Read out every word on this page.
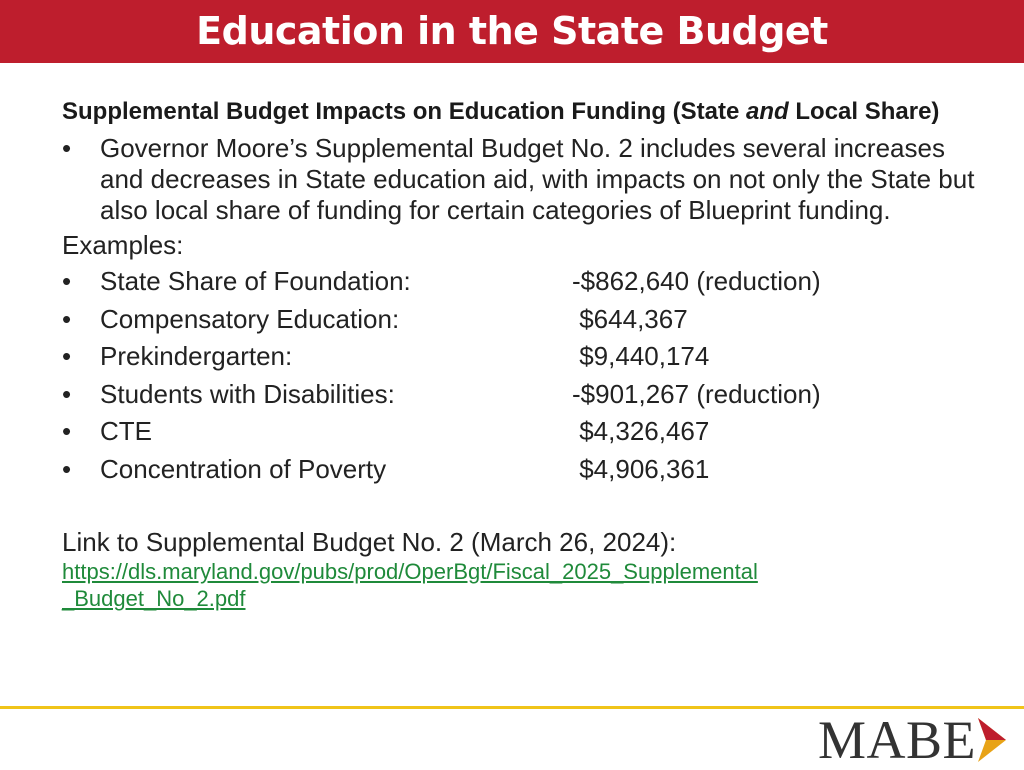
Education in the State Budget

Supplemental Budget Impacts on Education Funding (State and Local Share)

• Governor Moore’s Supplemental Budget No. 2 includes several increases and decreases in State education aid, with impacts on not only the State but also local share of funding for certain categories of Blueprint funding.
Examples:
• State Share of Foundation:	-$862,640 (reduction)
• Compensatory Education:	$644,367
• Prekindergarten:	$9,440,174
• Students with Disabilities:	-$901,267 (reduction)
• CTE	$4,326,467
• Concentration of Poverty	$4,906,361
Link to Supplemental Budget No. 2 (March 26, 2024):
https://dls.maryland.gov/pubs/prod/OperBgt/Fiscal_2025_Supplemental_Budget_No_2.pdf
MABE
